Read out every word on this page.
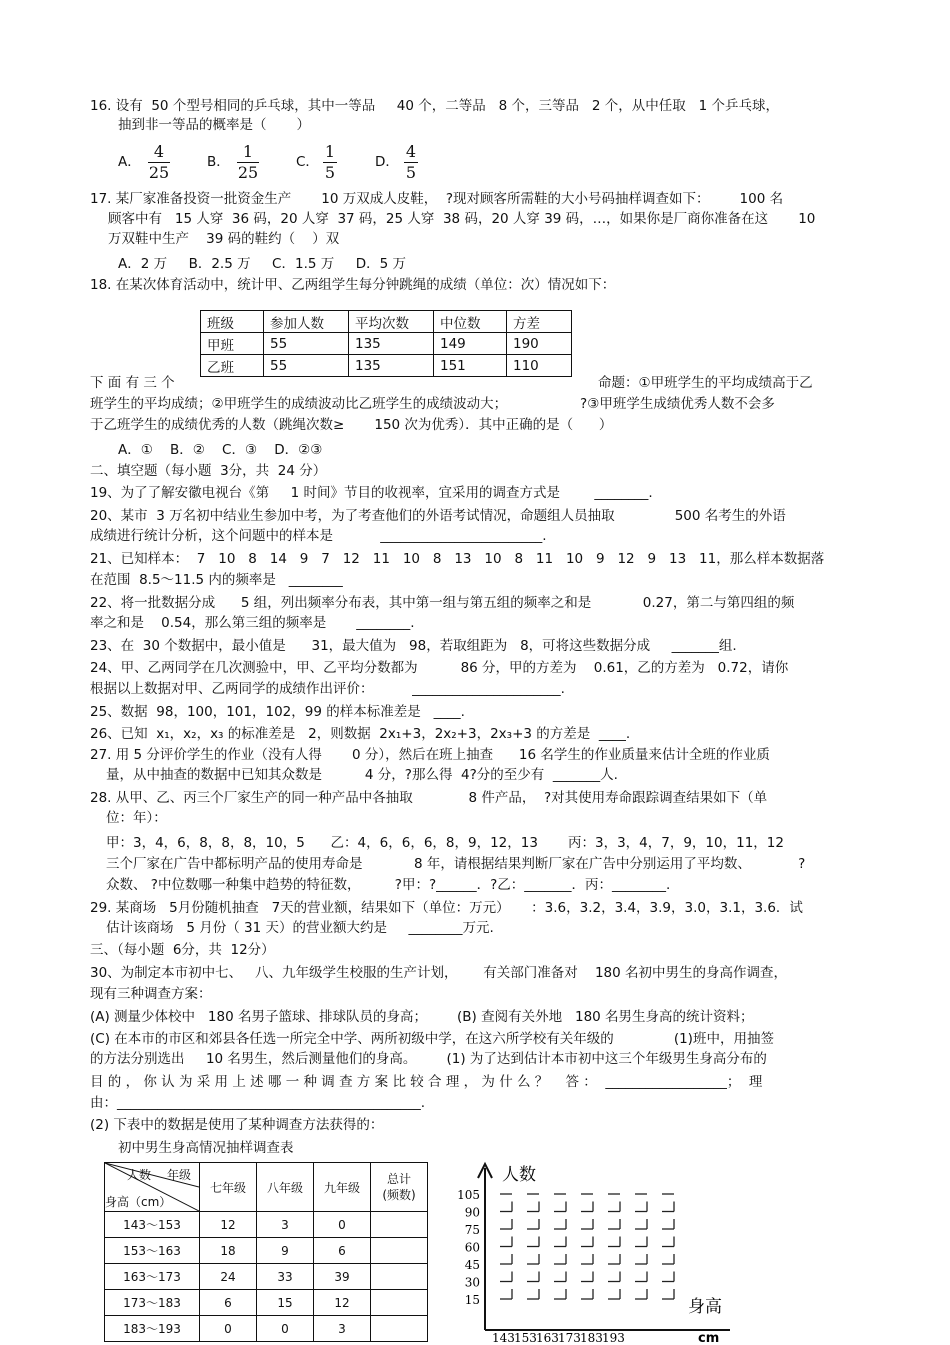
16. 设有  50 个型号相同的乒乓球，其中一等品     40 个，二等品   8 个，三等品   2 个，从中任取   1 个乒乓球，
抽到非一等品的概率是（       ）
A． $\frac{4}{25}$	B． $\frac{1}{25}$	C． $\frac{1}{5}$	D． $\frac{4}{5}$
17. 某厂家准备投资一批资金生产       10 万双成人皮鞋，  ?现对顾客所需鞋的大小号码抽样调查如下：       100 名
顾客中有   15 人穿  36 码，20 人穿  37 码，25 人穿  38 码，20 人穿 39 码，…，如果你是厂商你准备在这       10
万双鞋中生产    39 码的鞋约（    ）双
A．2 万     B．2.5 万     C．1.5 万     D．5 万
18. 在某次体育活动中，统计甲、乙两组学生每分钟跳绳的成绩（单位：次）情况如下：
班级	参加人数	平均次数	中位数	方差
甲班	55	135	149	190
乙班	55	135	151	110
下 面 有 三 个	命题：①甲班学生的平均成绩高于乙
班学生的平均成绩；②甲班学生的成绩波动比乙班学生的成绩波动大；                 ?③甲班学生成绩优秀人数不会多
于乙班学生的成绩优秀的人数（跳绳次数≥       150 次为优秀）．其中正确的是（      ）
A．①    B．②    C．③    D．②③
二、填空题（每小题  3分，共  24 分）
19、为了了解安徽电视台《第     1 时间》节目的收视率，宜采用的调查方式是        ________.
20、某市  3 万名初中结业生参加中考，为了考查他们的外语考试情况，命题组人员抽取              500 名考生的外语
成绩进行统计分析，这个问题中的样本是           ________________________.
21、已知样本：  7   10   8   14   9   7   12   11   10   8   13   10   8   11   10   9   12   9   13   11，那么样本数据落
在范围  8.5～11.5 内的频率是   ________
22、将一批数据分成      5 组，列出频率分布表，其中第一组与第五组的频率之和是            0.27，第二与第四组的频
率之和是    0.54，那么第三组的频率是       ________.
23、在  30 个数据中，最小值是      31，最大值为   98，若取组距为   8，可将这些数据分成     _______组.
24、甲、乙两同学在几次测验中，甲、乙平均分数都为          86 分，甲的方差为    0.61，乙的方差为   0.72，请你
根据以上数据对甲、乙两同学的成绩作出评价：         ______________________.
25、数据  98，100，101，102，99 的样本标准差是   ____.
26、已知  x₁，x₂，x₃ 的标准差是   2，则数据  2x₁+3，2x₂+3，2x₃+3 的方差是  ____.
27. 用 5 分评价学生的作业（没有人得       0 分），然后在班上抽查      16 名学生的作业质量来估计全班的作业质
量，从中抽查的数据中已知其众数是          4 分，?那么得  4?分的至少有  _______人.
28. 从甲、乙、丙三个厂家生产的同一种产品中各抽取             8 件产品，  ?对其使用寿命跟踪调查结果如下（单
位：年）：
甲：3，4，6，8，8，8，10，5      乙：4，6，6，6，8，9，12，13       丙：3，3，4，7，9，10，11，12
三个厂家在广告中都标明产品的使用寿命是            8 年，请根据结果判断厂家在广告中分别运用了平均数、           ?
众数、 ?中位数哪一种集中趋势的特征数，        ?甲：?______．?乙：_______．丙：________.
29. 某商场   5月份随机抽查   7天的营业额，结果如下（单位：万元）     ：3.6，3.2，3.4，3.9，3.0，3.1，3.6．试
估计该商场   5 月份（ 31 天）的营业额大约是     ________万元.
三、（每小题  6分，共  12分）
30、为制定本市初中七、   八、九年级学生校服的生产计划，      有关部门准备对    180 名初中男生的身高作调查，
现有三种调查方案：
(A) 测量少体校中   180 名男子篮球、排球队员的身高；       (B) 查阅有关外地   180 名男生身高的统计资料；
(C) 在本市的市区和郊县各任选一所完全中学、两所初级中学，在这六所学校有关年级的              (1)班中，用抽签
的方法分别选出     10 名男生，然后测量他们的身高。       (1) 为了达到估计本市初中这三个年级男生身高分布的
目 的 ， 你 认 为 采 用 上 述 哪 一 种 调 查 方 案 比 较 合 理 ， 为 什 么 ？    答 ：  __________________；  理
由：_____________________________________________.
(2) 下表中的数据是使用了某种调查方法获得的：
初中男生身高情况抽样调查表
人数 年级
身高（cm）	七年级	八年级	九年级	总计
(频数)
143～153	12	3	0	
153～163	18	9	6	
163～173	24	33	39	
173～183	6	15	12	
183～193	0	0	3	
人数
身高
cm
105
90
75
60
45
30
15
143 153 163 173 183 193
